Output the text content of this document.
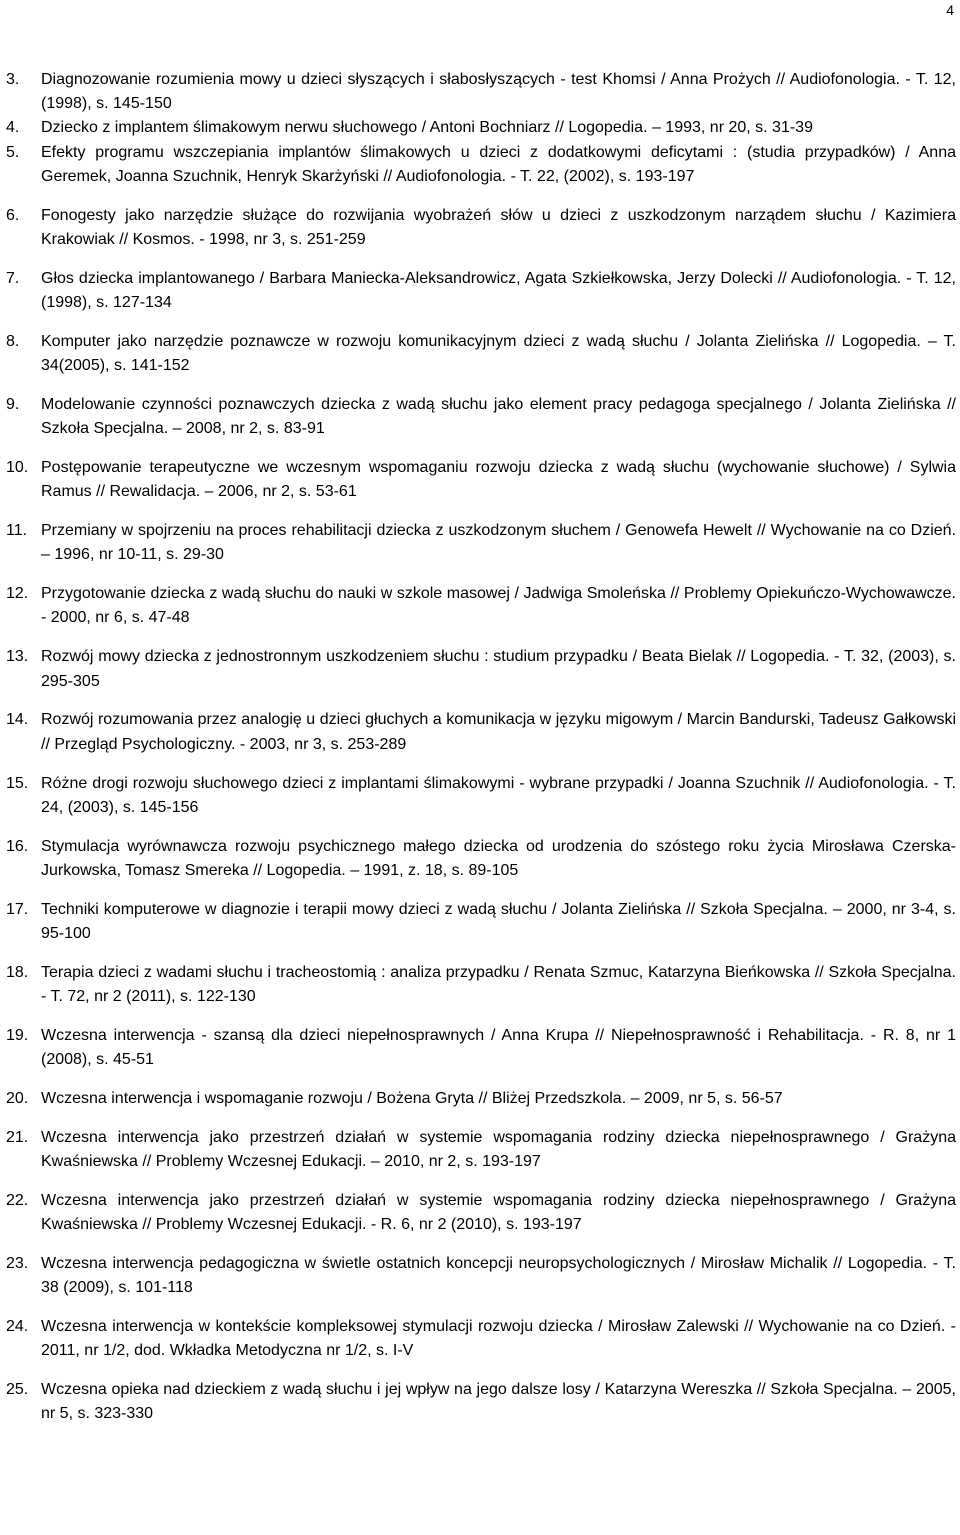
4
3. Diagnozowanie rozumienia mowy u dzieci słyszących i słabosłyszących - test Khomsi / Anna Prożych // Audiofonologia. - T. 12, (1998), s. 145-150
4. Dziecko z implantem ślimakowym nerwu słuchowego / Antoni Bochniarz // Logopedia. – 1993, nr 20, s. 31-39
5. Efekty programu wszczepiania implantów ślimakowych u dzieci z dodatkowymi deficytami : (studia przypadków) / Anna Geremek, Joanna Szuchnik, Henryk Skarżyński // Audiofonologia. - T. 22, (2002), s. 193-197
6. Fonogesty jako narzędzie służące do rozwijania wyobrażeń słów u dzieci z uszkodzonym narządem słuchu / Kazimiera Krakowiak // Kosmos. - 1998, nr 3, s. 251-259
7. Głos dziecka implantowanego / Barbara Maniecka-Aleksandrowicz, Agata Szkiełkowska, Jerzy Dolecki // Audiofonologia. - T. 12, (1998), s. 127-134
8. Komputer jako narzędzie poznawcze w rozwoju komunikacyjnym dzieci z wadą słuchu / Jolanta Zielińska // Logopedia. – T. 34(2005), s. 141-152
9. Modelowanie czynności poznawczych dziecka z wadą słuchu jako element pracy pedagoga specjalnego / Jolanta Zielińska // Szkoła Specjalna. – 2008, nr 2, s. 83-91
10. Postępowanie terapeutyczne we wczesnym wspomaganiu rozwoju dziecka z wadą słuchu (wychowanie słuchowe) / Sylwia Ramus // Rewalidacja. – 2006, nr 2, s. 53-61
11. Przemiany w spojrzeniu na proces rehabilitacji dziecka z uszkodzonym słuchem / Genowefa Hewelt // Wychowanie na co Dzień. – 1996, nr 10-11, s. 29-30
12. Przygotowanie dziecka z wadą słuchu do nauki w szkole masowej / Jadwiga Smoleńska // Problemy Opiekuńczo-Wychowawcze. - 2000, nr 6, s. 47-48
13. Rozwój mowy dziecka z jednostronnym uszkodzeniem słuchu : studium przypadku / Beata Bielak // Logopedia. - T. 32, (2003), s. 295-305
14. Rozwój rozumowania przez analogię u dzieci głuchych a komunikacja w języku migowym / Marcin Bandurski, Tadeusz Gałkowski // Przegląd Psychologiczny. - 2003, nr 3, s. 253-289
15. Różne drogi rozwoju słuchowego dzieci z implantami ślimakowymi - wybrane przypadki / Joanna Szuchnik // Audiofonologia. - T. 24, (2003), s. 145-156
16. Stymulacja wyrównawcza rozwoju psychicznego małego dziecka od urodzenia do szóstego roku życia Mirosława Czerska-Jurkowska, Tomasz Smereka // Logopedia. – 1991, z. 18, s. 89-105
17. Techniki komputerowe w diagnozie i terapii mowy dzieci z wadą słuchu / Jolanta Zielińska // Szkoła Specjalna. – 2000, nr 3-4, s. 95-100
18. Terapia dzieci z wadami słuchu i tracheostomią : analiza przypadku / Renata Szmuc, Katarzyna Bieńkowska // Szkoła Specjalna. - T. 72, nr 2 (2011), s. 122-130
19. Wczesna interwencja - szansą dla dzieci niepełnosprawnych / Anna Krupa // Niepełnosprawność i Rehabilitacja. - R. 8, nr 1 (2008), s. 45-51
20. Wczesna interwencja i wspomaganie rozwoju / Bożena Gryta // Bliżej Przedszkola. – 2009, nr 5, s. 56-57
21. Wczesna interwencja jako przestrzeń działań w systemie wspomagania rodziny dziecka niepełnosprawnego / Grażyna Kwaśniewska // Problemy Wczesnej Edukacji. – 2010, nr 2, s. 193-197
22. Wczesna interwencja jako przestrzeń działań w systemie wspomagania rodziny dziecka niepełnosprawnego / Grażyna Kwaśniewska // Problemy Wczesnej Edukacji. - R. 6, nr 2 (2010), s. 193-197
23. Wczesna interwencja pedagogiczna w świetle ostatnich koncepcji neuropsychologicznych / Mirosław Michalik // Logopedia. - T. 38 (2009), s. 101-118
24. Wczesna interwencja w kontekście kompleksowej stymulacji rozwoju dziecka / Mirosław Zalewski // Wychowanie na co Dzień. - 2011, nr 1/2, dod. Wkładka Metodyczna nr 1/2, s. I-V
25. Wczesna opieka nad dzieckiem z wadą słuchu i jej wpływ na jego dalsze losy / Katarzyna Wereszka // Szkoła Specjalna. – 2005, nr 5, s. 323-330
